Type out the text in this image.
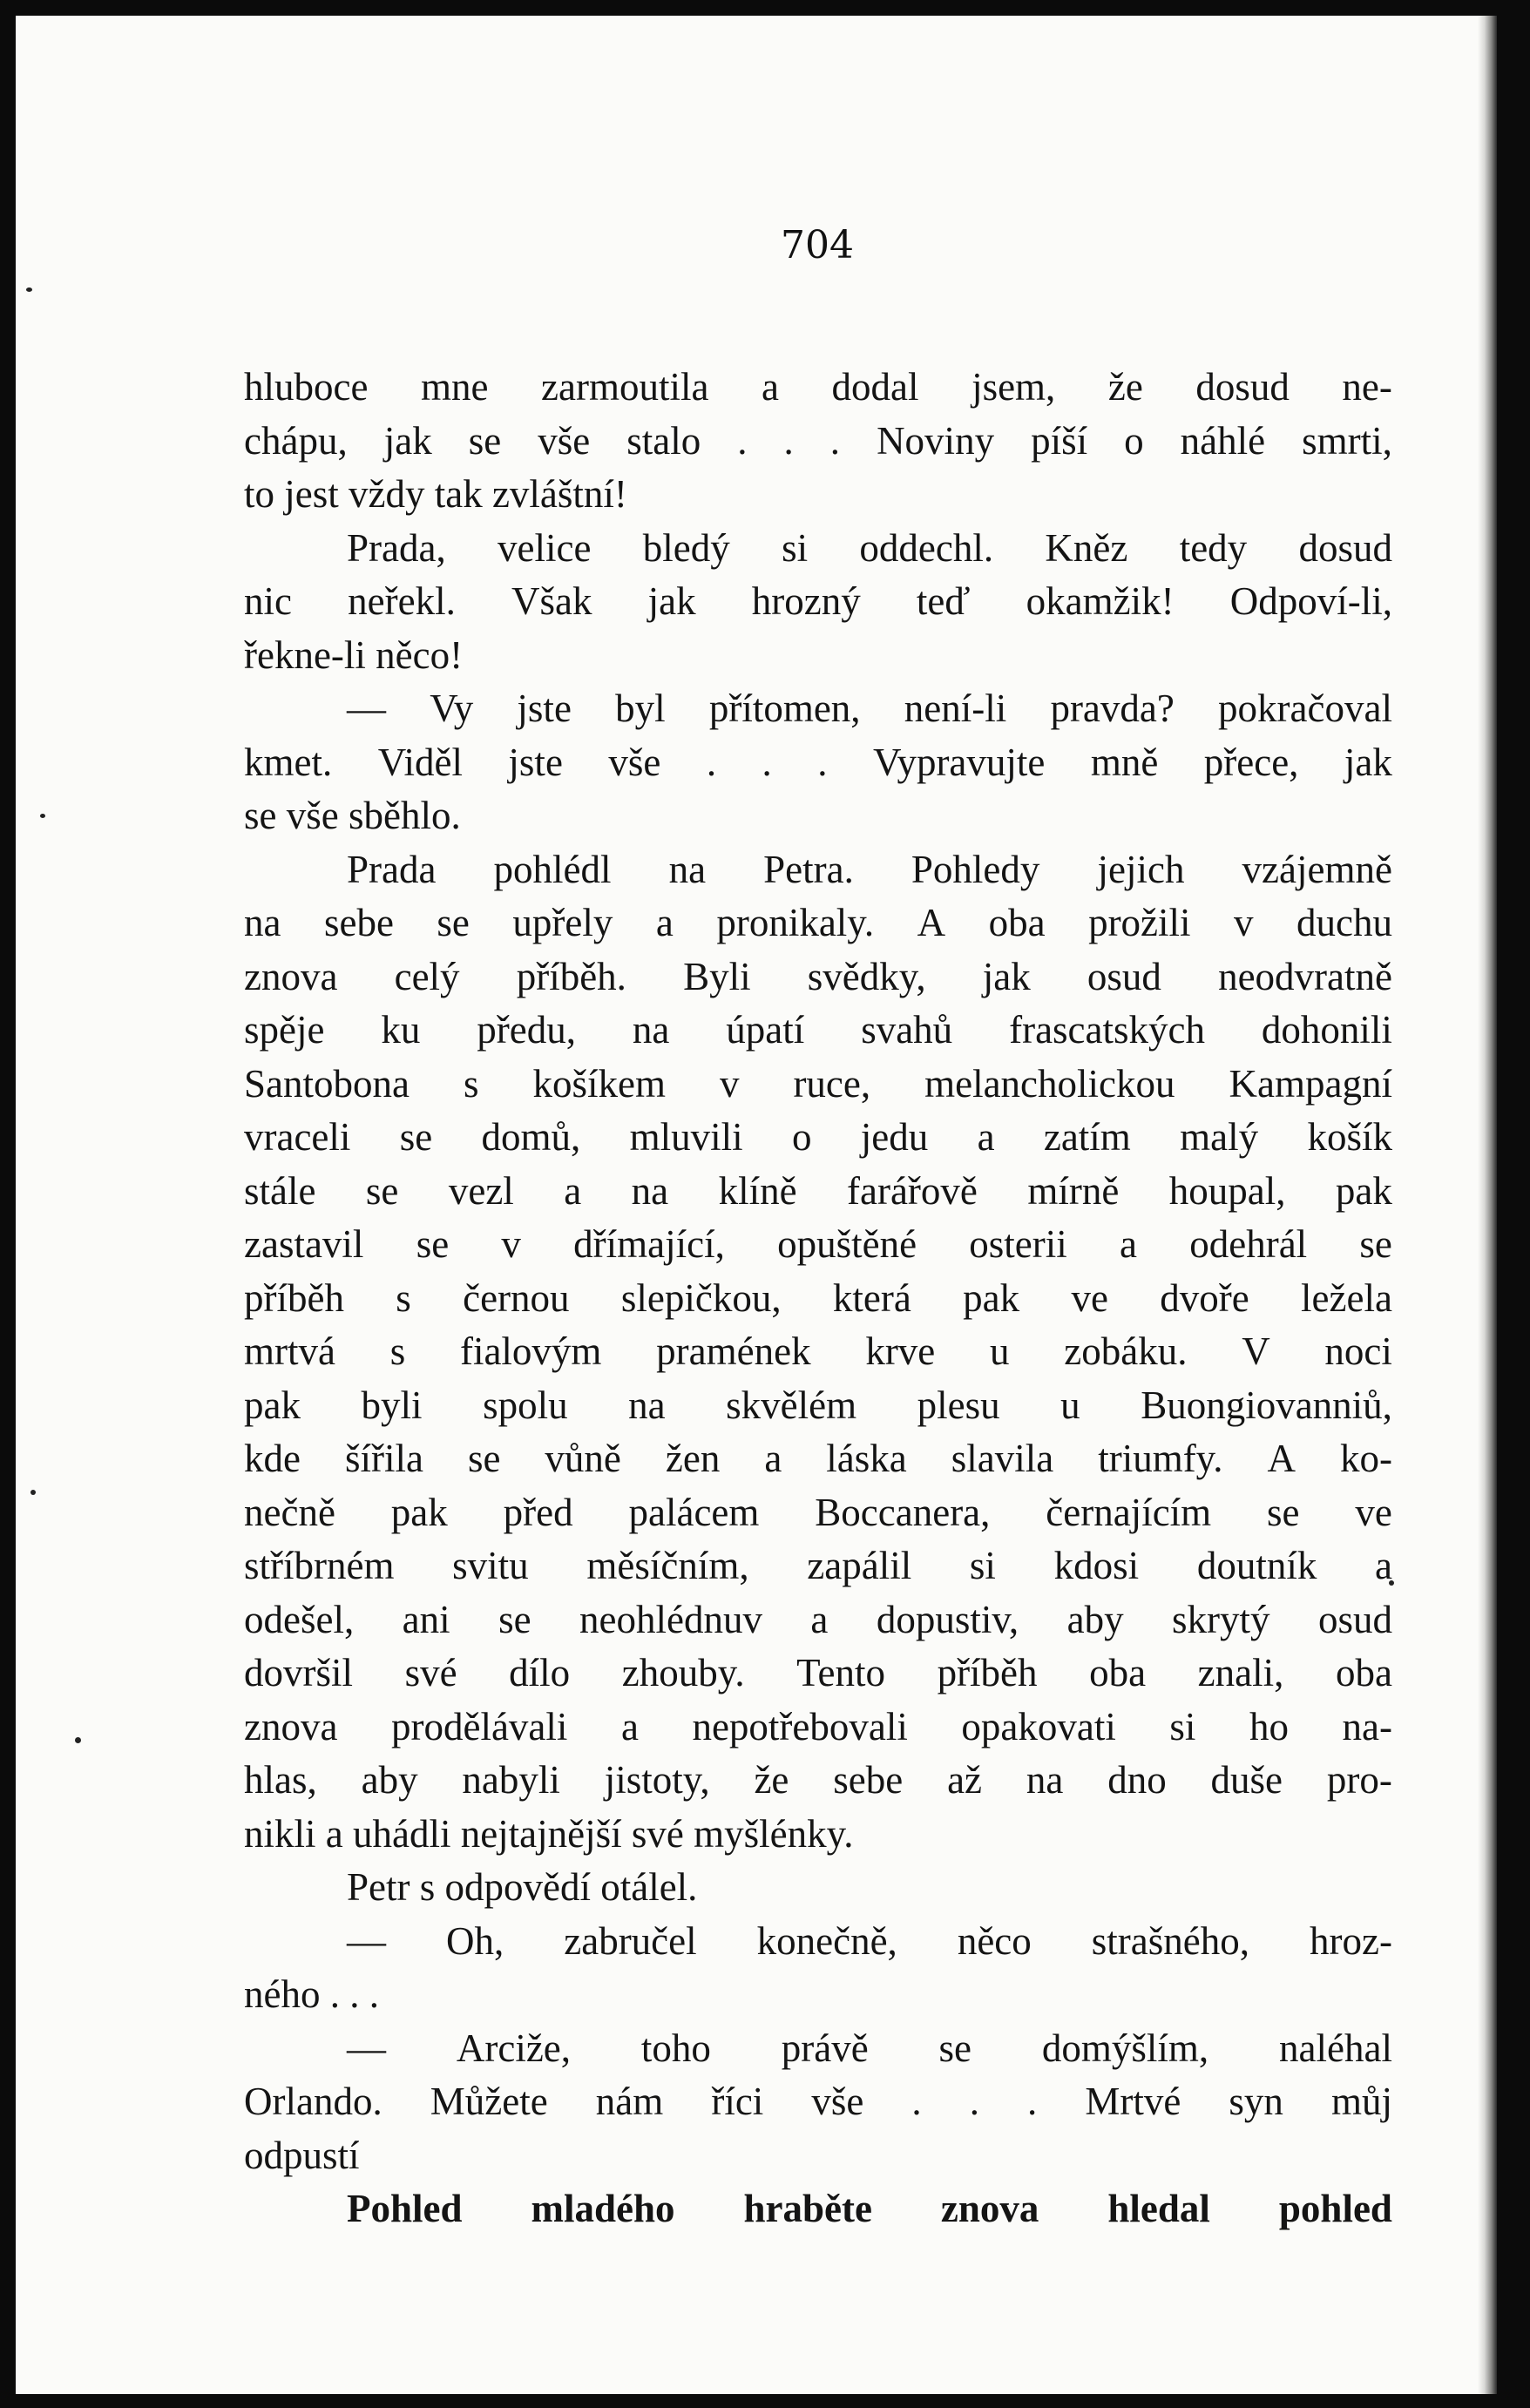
704

hluboce mne zarmoutila a dodal jsem, že dosud ne-
chápu, jak se vše stalo . . . Noviny píší o náhlé smrti,
to jest vždy tak zvláštní!
Prada, velice bledý si oddechl. Kněz tedy dosud
nic neřekl. Však jak hrozný teď okamžik! Odpoví-li,
řekne-li něco!
— Vy jste byl přítomen, není-li pravda? pokračoval
kmet. Viděl jste vše . . . Vypravujte mně přece, jak
se vše sběhlo.
Prada pohlédl na Petra. Pohledy jejich vzájemně
na sebe se upřely a pronikaly. A oba prožili v duchu
znova celý příběh. Byli svědky, jak osud neodvratně
spěje ku předu, na úpatí svahů frascatských dohonili
Santobona s košíkem v ruce, melancholickou Kampagní
vraceli se domů, mluvili o jedu a zatím malý košík
stále se vezl a na klíně farářově mírně houpal, pak
zastavil se v dřímající, opuštěné osterii a odehrál se
příběh s černou slepičkou, která pak ve dvoře ležela
mrtvá s fialovým pramének krve u zobáku. V noci
pak byli spolu na skvělém plesu u Buongiovanniů,
kde šířila se vůně žen a láska slavila triumfy. A ko-
nečně pak před palácem Boccanera, černajícím se ve
stříbrném svitu měsíčním, zapálil si kdosi doutník a
odešel, ani se neohlédnuv a dopustiv, aby skrytý osud
dovršil své dílo zhouby. Tento příběh oba znali, oba
znova prodělávali a nepotřebovali opakovati si ho na-
hlas, aby nabyli jistoty, že sebe až na dno duše pro-
nikli a uhádli nejtajnější své myšlénky.
Petr s odpovědí otálel.
— Oh, zabručel konečně, něco strašného, hroz-
ného . . .
— Arciže, toho právě se domýšlím, naléhal
Orlando. Můžete nám říci vše . . . Mrtvé syn můj
odpustí
Pohled mladého hraběte znova hledal pohled
